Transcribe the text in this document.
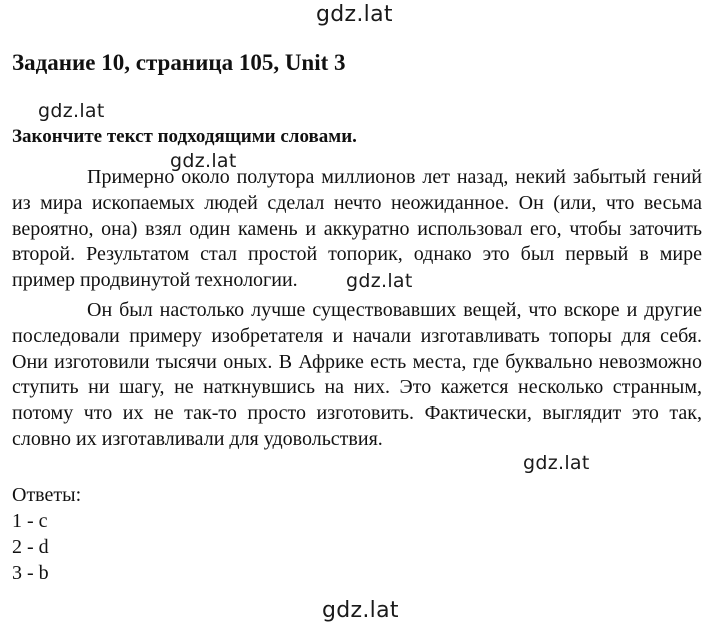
gdz.lat
Задание 10, страница 105, Unit 3
gdz.lat
Закончите текст подходящими словами.
gdz.lat

Примерно около полутора миллионов лет назад, некий забытый гений из мира ископаемых людей сделал нечто неожиданное. Он (или, что весьма вероятно, она) взял один камень и аккуратно использовал его, чтобы заточить второй. Результатом стал простой топорик, однако это был первый в мире пример продвинутой технологии.

Он был настолько лучше существовавших вещей, что вскоре и другие последовали примеру изобретателя и начали изготавливать топоры для себя. Они изготовили тысячи оных. В Африке есть места, где буквально невозможно ступить ни шагу, не наткнувшись на них. Это кажется несколько странным, потому что их не так-то просто изготовить. Фактически, выглядит это так, словно их изготавливали для удовольствия.

gdz.lat
gdz.lat
Ответы:
1 - c
2 - d
3 - b
gdz.lat
